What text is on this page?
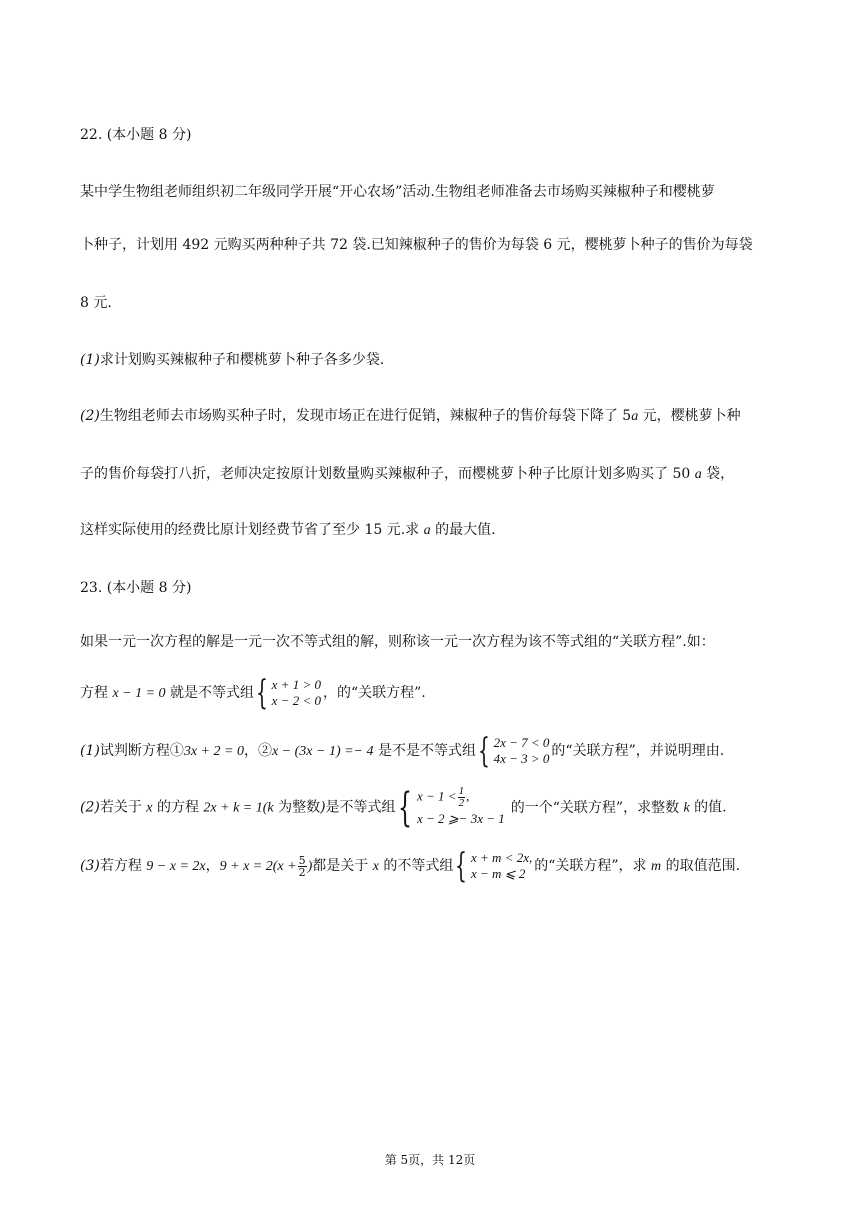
22. (本小题 8 分)
某中学生物组老师组织初二年级同学开展“开心农场”活动.生物组老师准备去市场购买辣椒种子和樱桃萝
卜种子，计划用 492 元购买两种种子共 72 袋.已知辣椒种子的售价为每袋 6 元，樱桃萝卜种子的售价为每袋
8 元.
(1)求计划购买辣椒种子和樱桃萝卜种子各多少袋.
(2)生物组老师去市场购买种子时，发现市场正在进行促销，辣椒种子的售价每袋下降了 5a 元，樱桃萝卜种
子的售价每袋打八折，老师决定按原计划数量购买辣椒种子，而樱桃萝卜种子比原计划多购买了 50 a 袋，
这样实际使用的经费比原计划经费节省了至少 15 元.求 a 的最大值.
23. (本小题 8 分)
如果一元一次方程的解是一元一次不等式组的解，则称该一元一次方程为该不等式组的“关联方程”.如：
方程 x − 1 = 0 就是不等式组{ x + 1 > 0
x − 2 < 0 ，的“关联方程”.
(1)试判断方程①3x + 2 = 0，②x − (3x − 1) =− 4 是不是不等式组{ 2x − 7 < 0
4x − 3 > 0 的“关联方程”，并说明理由.
(2)若关于 x 的方程 2x + k = 1(k 为整数)是不等式组{ $x - 1 < \frac{1}{2}$ ,
x − 2 ⩾− 3x − 1
的一个“关联方程”，求整数 k 的值.
(3)若方程 9 − x = 2x，$9 + x = 2(x + \frac{5}{2}$ )都是关于 x 的不等式组{ x + m < 2x,
x − m ⩽ 2 的“关联方程”，求 m 的取值范围.
第 5页，共 12页
